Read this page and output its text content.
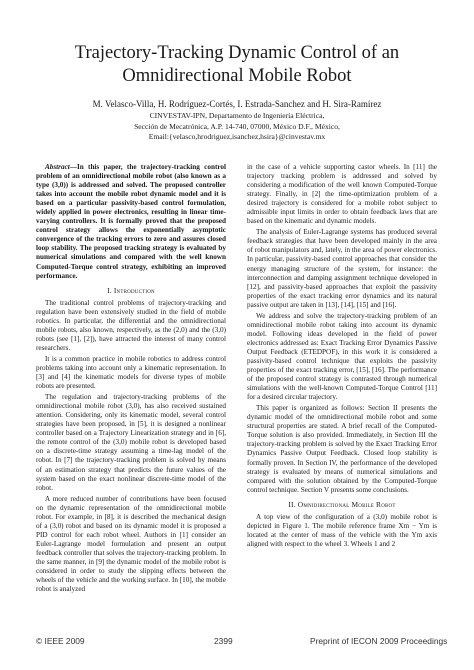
Trajectory-Tracking Dynamic Control of an
Omnidirectional Mobile Robot
M. Velasco-Villa, H. Rodríguez-Cortés, I. Estrada-Sanchez and H. Sira-Ramírez
CINVESTAV-IPN, Departamento de Ingeniería Eléctrica,
Sección de Mecatrónica, A.P. 14-740, 07000, México D.F., México,
Email:{velasco,hrodriguez,isanchez,hsira}@cinvestav.mx

Abstract—In this paper, the trajectory-tracking control problem of an omnidirectional mobile robot (also known as a type (3,0)) is addressed and solved. The proposed controller takes into account the mobile robot dynamic model and it is based on a particular passivity-based control formulation, widely applied in power electronics, resulting in linear time-varying controllers. It is formally proved that the proposed control strategy allows the exponentially asymptotic convergence of the tracking errors to zero and assures closed loop stability. The proposed tracking strategy is evaluated by numerical simulations and compared with the well known Computed-Torque control strategy, exhibiting an improved performance.

I. Introduction

The traditional control problems of trajectory-tracking and regulation have been extensively studied in the field of mobile robotics. In particular, the differential and the omnidirectional mobile robots, also known, respectively, as the (2,0) and the (3,0) robots (see [1], [2]), have attracted the interest of many control researchers.

It is a common practice in mobile robotics to address control problems taking into account only a kinematic representation. In [3] and [4] the kinematic models for diverse types of mobile robots are presented.

The regulation and trajectory-tracking problems of the omnidirectional mobile robot (3,0), has also received sustained attention. Considering, only its kinematic model, several control strategies have been proposed, in [5], it is designed a nonlinear controller based on a Trajectory Linearization strategy and in [6], the remote control of the (3,0) mobile robot is developed based on a discrete-time strategy assuming a time-lag model of the robot. In [7] the trajectory-tracking problem is solved by means of an estimation strategy that predicts the future values of the system based on the exact nonlinear discrete-time model of the robot.

A more reduced number of contributions have been focused on the dynamic representation of the omnidirectional mobile robot. For example, in [8], it is described the mechanical design of a (3,0) robot and based on its dynamic model it is proposed a PID control for each robot wheel. Authors in [1] consider an Euler-Lagrange model formulation and present an output feedback controller that solves the trajectory-tracking problem. In the same manner, in [9] the dynamic model of the mobile robot is considered in order to study the slipping effects between the wheels of the vehicle and the working surface. In [10], the mobile robot is analyzed

in the case of a vehicle supporting castor wheels. In [11] the trajectory tracking problem is addressed and solved by considering a modification of the well known Computed-Torque strategy. Finally, in [2] the time-optimization problem of a desired trajectory is considered for a mobile robot subject to admissible input limits in order to obtain feedback laws that are based on the kinematic and dynamic models.

The analysis of Euler-Lagrange systems has produced several feedback strategies that have been developed mainly in the area of robot manipulators and, lately, in the area of power electronics. In particular, passivity-based control approaches that consider the energy managing structure of the system, for instance: the interconnection and damping assignment technique developed in [12], and passivity-based approaches that exploit the passivity properties of the exact tracking error dynamics and its natural passive output are taken in [13], [14], [15] and [16].

We address and solve the trajectory-tracking problem of an omnidirectional mobile robot taking into account its dynamic model. Following ideas developed in the field of power electronics addressed as: Exact Tracking Error Dynamics Passive Output Feedback (ETEDPOF), in this work it is considered a passivity-based control technique that exploits the passivity properties of the exact tracking error, [15], [16]. The performance of the proposed control strategy is contrasted through numerical simulations with the well-known Computed-Torque Control [11] for a desired circular trajectory.

This paper is organized as follows: Section II presents the dynamic model of the omnidirectional mobile robot and some structural properties are stated. A brief recall of the Computed-Torque solution is also provided. Immediately, in Section III the trajectory-tracking problem is solved by the Exact Tracking Error Dynamics Passive Output Feedback. Closed loop stability is formally proven. In Section IV, the performance of the developed strategy is evaluated by means of numerical simulations and compared with the solution obtained by the Computed-Torque control technique. Section V presents some conclusions.

II. Omnidirectional Mobile Robot

A top view of the configuration of a (3,0) mobile robot is depicted in Figure 1. The mobile reference frame Xm − Ym is located at the center of mass of the vehicle with the Ym axis aligned with respect to the wheel 3. Wheels 1 and 2

© IEEE 2009	2399	Preprint of IECON 2009 Proceedings
